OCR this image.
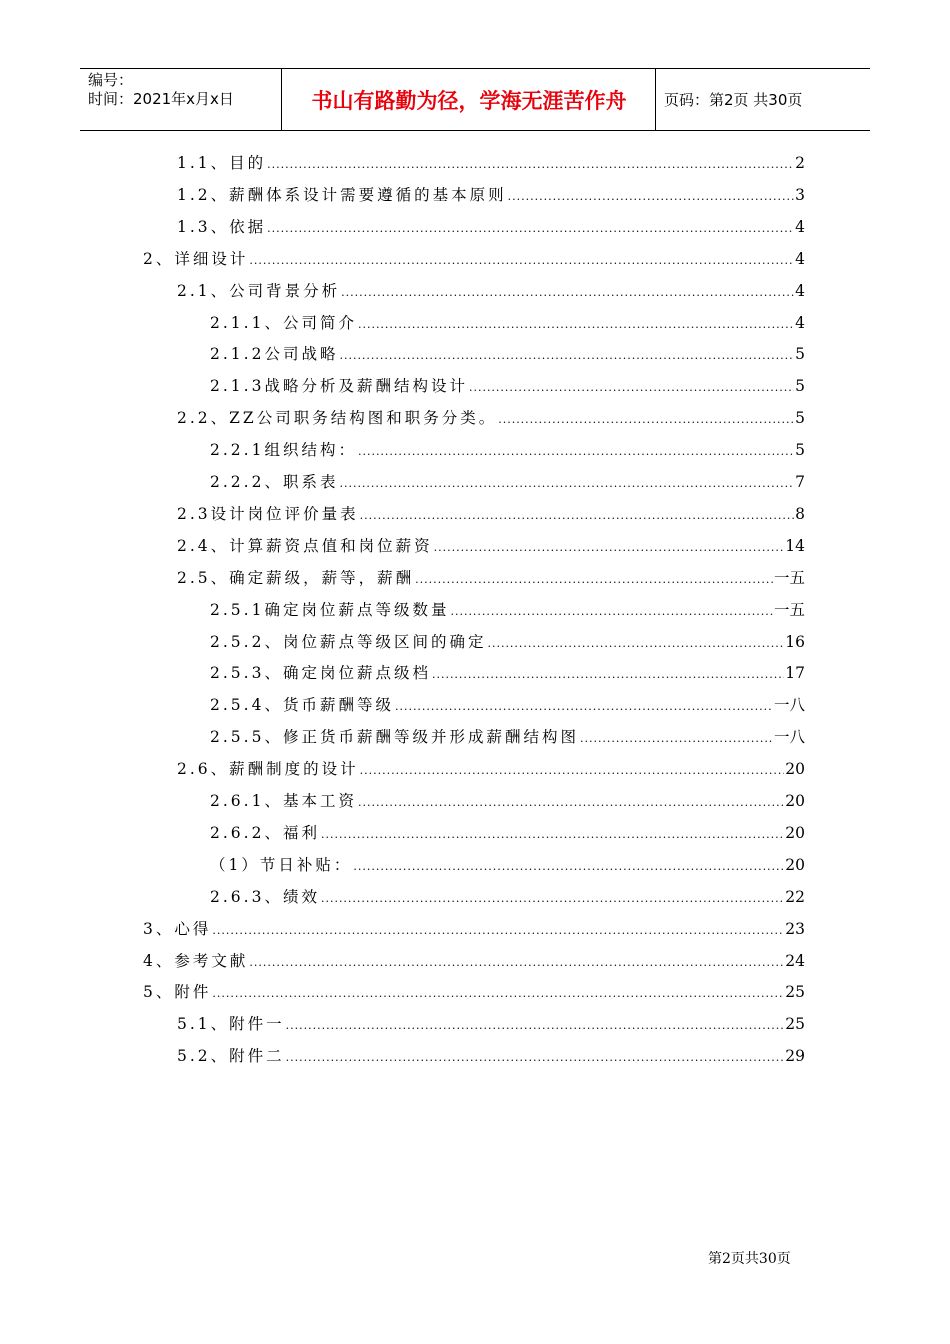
编号：
时间：2021年x月x日	书山有路勤为径，学海无涯苦作舟	页码：第2页 共30页
1.1、目的 .....	2
1.2、薪酬体系设计需要遵循的基本原则 .....	3
1.3、依据 .....	4
2、详细设计 .....	4
2.1、公司背景分析 .....	4
2.1.1、公司简介 .....	4
2.1.2公司战略 .....	5
2.1.3战略分析及薪酬结构设计 .....	5
2.2、ZZ公司职务结构图和职务分类。 .....	5
2.2.1组织结构： .....	5
2.2.2、职系表 .....	7
2.3设计岗位评价量表 .....	8
2.4、计算薪资点值和岗位薪资 .....	14
2.5、确定薪级，薪等，薪酬 .....	一五
2.5.1确定岗位薪点等级数量 .....	一五
2.5.2、岗位薪点等级区间的确定 .....	16
2.5.3、确定岗位薪点级档 .....	17
2.5.4、货币薪酬等级 .....	一八
2.5.5、修正货币薪酬等级并形成薪酬结构图 .....	一八
2.6、薪酬制度的设计 .....	20
2.6.1、基本工资 .....	20
2.6.2、福利 .....	20
（1）节日补贴： .....	20
2.6.3、绩效 .....	22
3、心得 .....	23
4、参考文献 .....	24
5、附件 .....	25
5.1、附件一 .....	25
5.2、附件二 .....	29
第2页共30页
